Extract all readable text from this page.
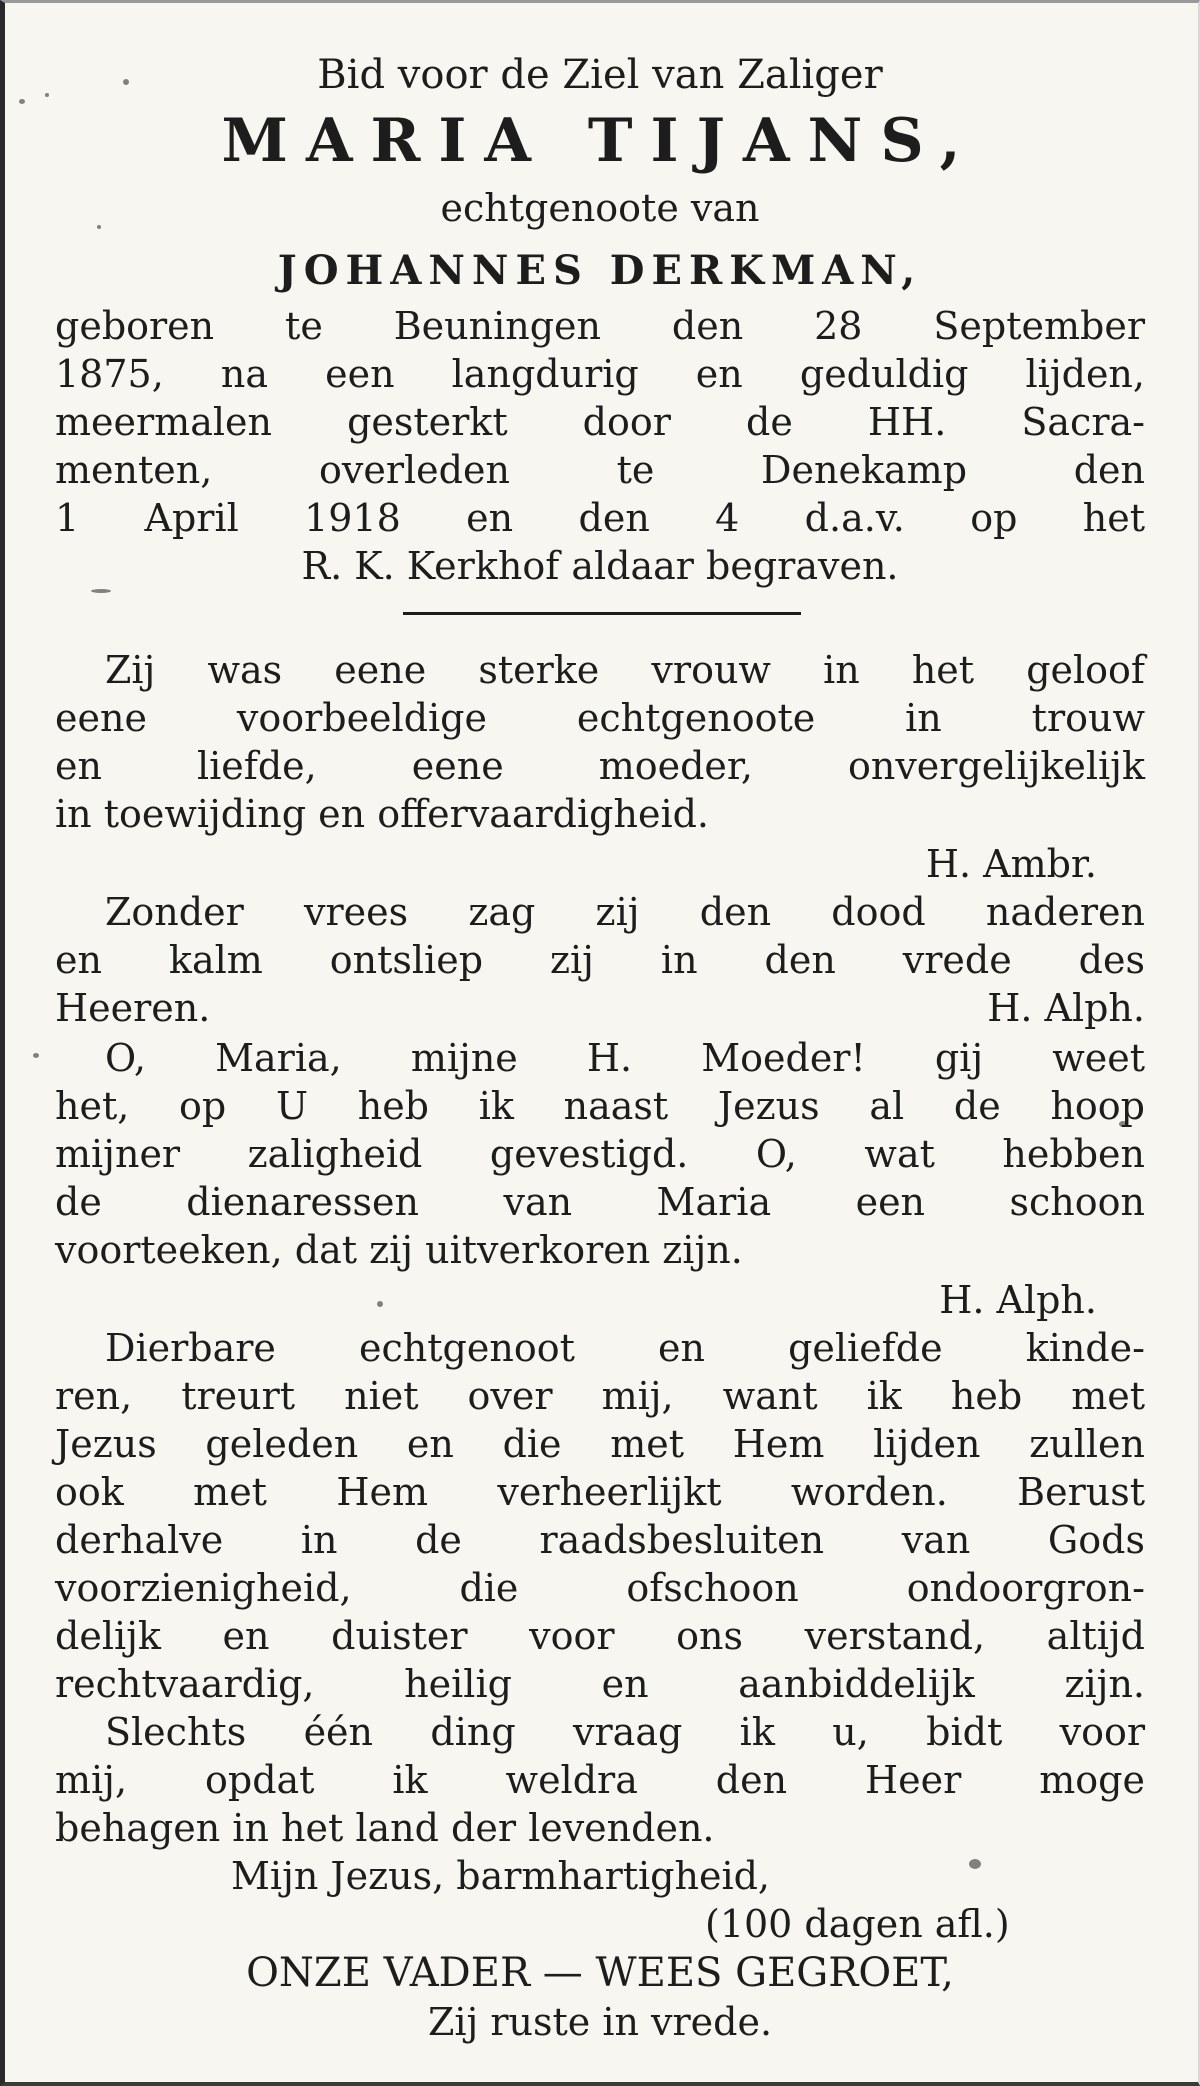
Bid voor de Ziel van Zaliger

MARIA TIJANS,

echtgenoote van

JOHANNES DERKMAN,

geboren te Beuningen den 28 September

1875, na een langdurig en geduldig lijden,

meermalen gesterkt door de HH. Sacra-

menten, overleden te Denekamp den

1 April 1918 en den 4 d.a.v. op het

R. K. Kerkhof aldaar begraven.

Zij was eene sterke vrouw in het geloof

eene voorbeeldige echtgenoote in trouw

en liefde, eene moeder, onvergelijkelijk

in toewijding en offervaardigheid.

H. Ambr.

Zonder vrees zag zij den dood naderen

en kalm ontsliep zij in den vrede des

Heeren.	H. Alph.

O, Maria, mijne H. Moeder! gij weet

het, op U heb ik naast Jezus al de hoop

mijner zaligheid gevestigd. O, wat hebben

de dienaressen van Maria een schoon

voorteeken, dat zij uitverkoren zijn.

H. Alph.

Dierbare echtgenoot en geliefde kinde-

ren, treurt niet over mij, want ik heb met

Jezus geleden en die met Hem lijden zullen

ook met Hem verheerlijkt worden. Berust

derhalve in de raadsbesluiten van Gods

voorzienigheid, die ofschoon ondoorgron-

delijk en duister voor ons verstand, altijd

rechtvaardig, heilig en aanbiddelijk zijn.

Slechts één ding vraag ik u, bidt voor

mij, opdat ik weldra den Heer moge

behagen in het land der levenden.

Mijn Jezus, barmhartigheid,

(100 dagen afl.)

ONZE VADER — WEES GEGROET,

Zij ruste in vrede.
